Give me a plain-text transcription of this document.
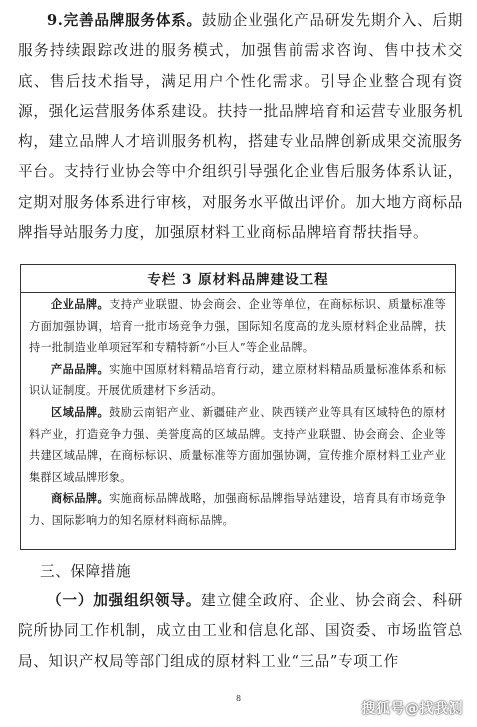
9.完善品牌服务体系。鼓励企业强化产品研发先期介入、后期服务持续跟踪改进的服务模式，加强售前需求咨询、售中技术交底、售后技术指导，满足用户个性化需求。引导企业整合现有资源，强化运营服务体系建设。扶持一批品牌培育和运营专业服务机构，建立品牌人才培训服务机构，搭建专业品牌创新成果交流服务平台。支持行业协会等中介组织引导强化企业售后服务体系认证，定期对服务体系进行审核，对服务水平做出评价。加大地方商标品牌指导站服务力度，加强原材料工业商标品牌培育帮扶指导。

专栏 3 原材料品牌建设工程

企业品牌。支持产业联盟、协会商会、企业等单位，在商标标识、质量标准等方面加强协调，培育一批市场竞争力强，国际知名度高的龙头原材料企业品牌，扶持一批制造业单项冠军和专精特新“小巨人”等企业品牌。

产品品牌。实施中国原材料精品培育行动，建立原材料精品质量标准体系和标识认证制度。开展优质建材下乡活动。

区域品牌。鼓励云南铝产业、新疆硅产业、陕西镁产业等具有区域特色的原材料产业，打造竞争力强、美誉度高的区域品牌。支持产业联盟、协会商会、企业等共建区域品牌，在商标标识、质量标准等方面加强协调，宣传推介原材料工业产业集群区域品牌形象。

商标品牌。实施商标品牌战略，加强商标品牌指导站建设，培育具有市场竞争力、国际影响力的知名原材料商标品牌。

三、保障措施

（一）加强组织领导。建立健全政府、企业、协会商会、科研院所协同工作机制，成立由工业和信息化部、国资委、市场监管总局、知识产权局等部门组成的原材料工业“三品”专项工作

8
搜狐号@找我测
